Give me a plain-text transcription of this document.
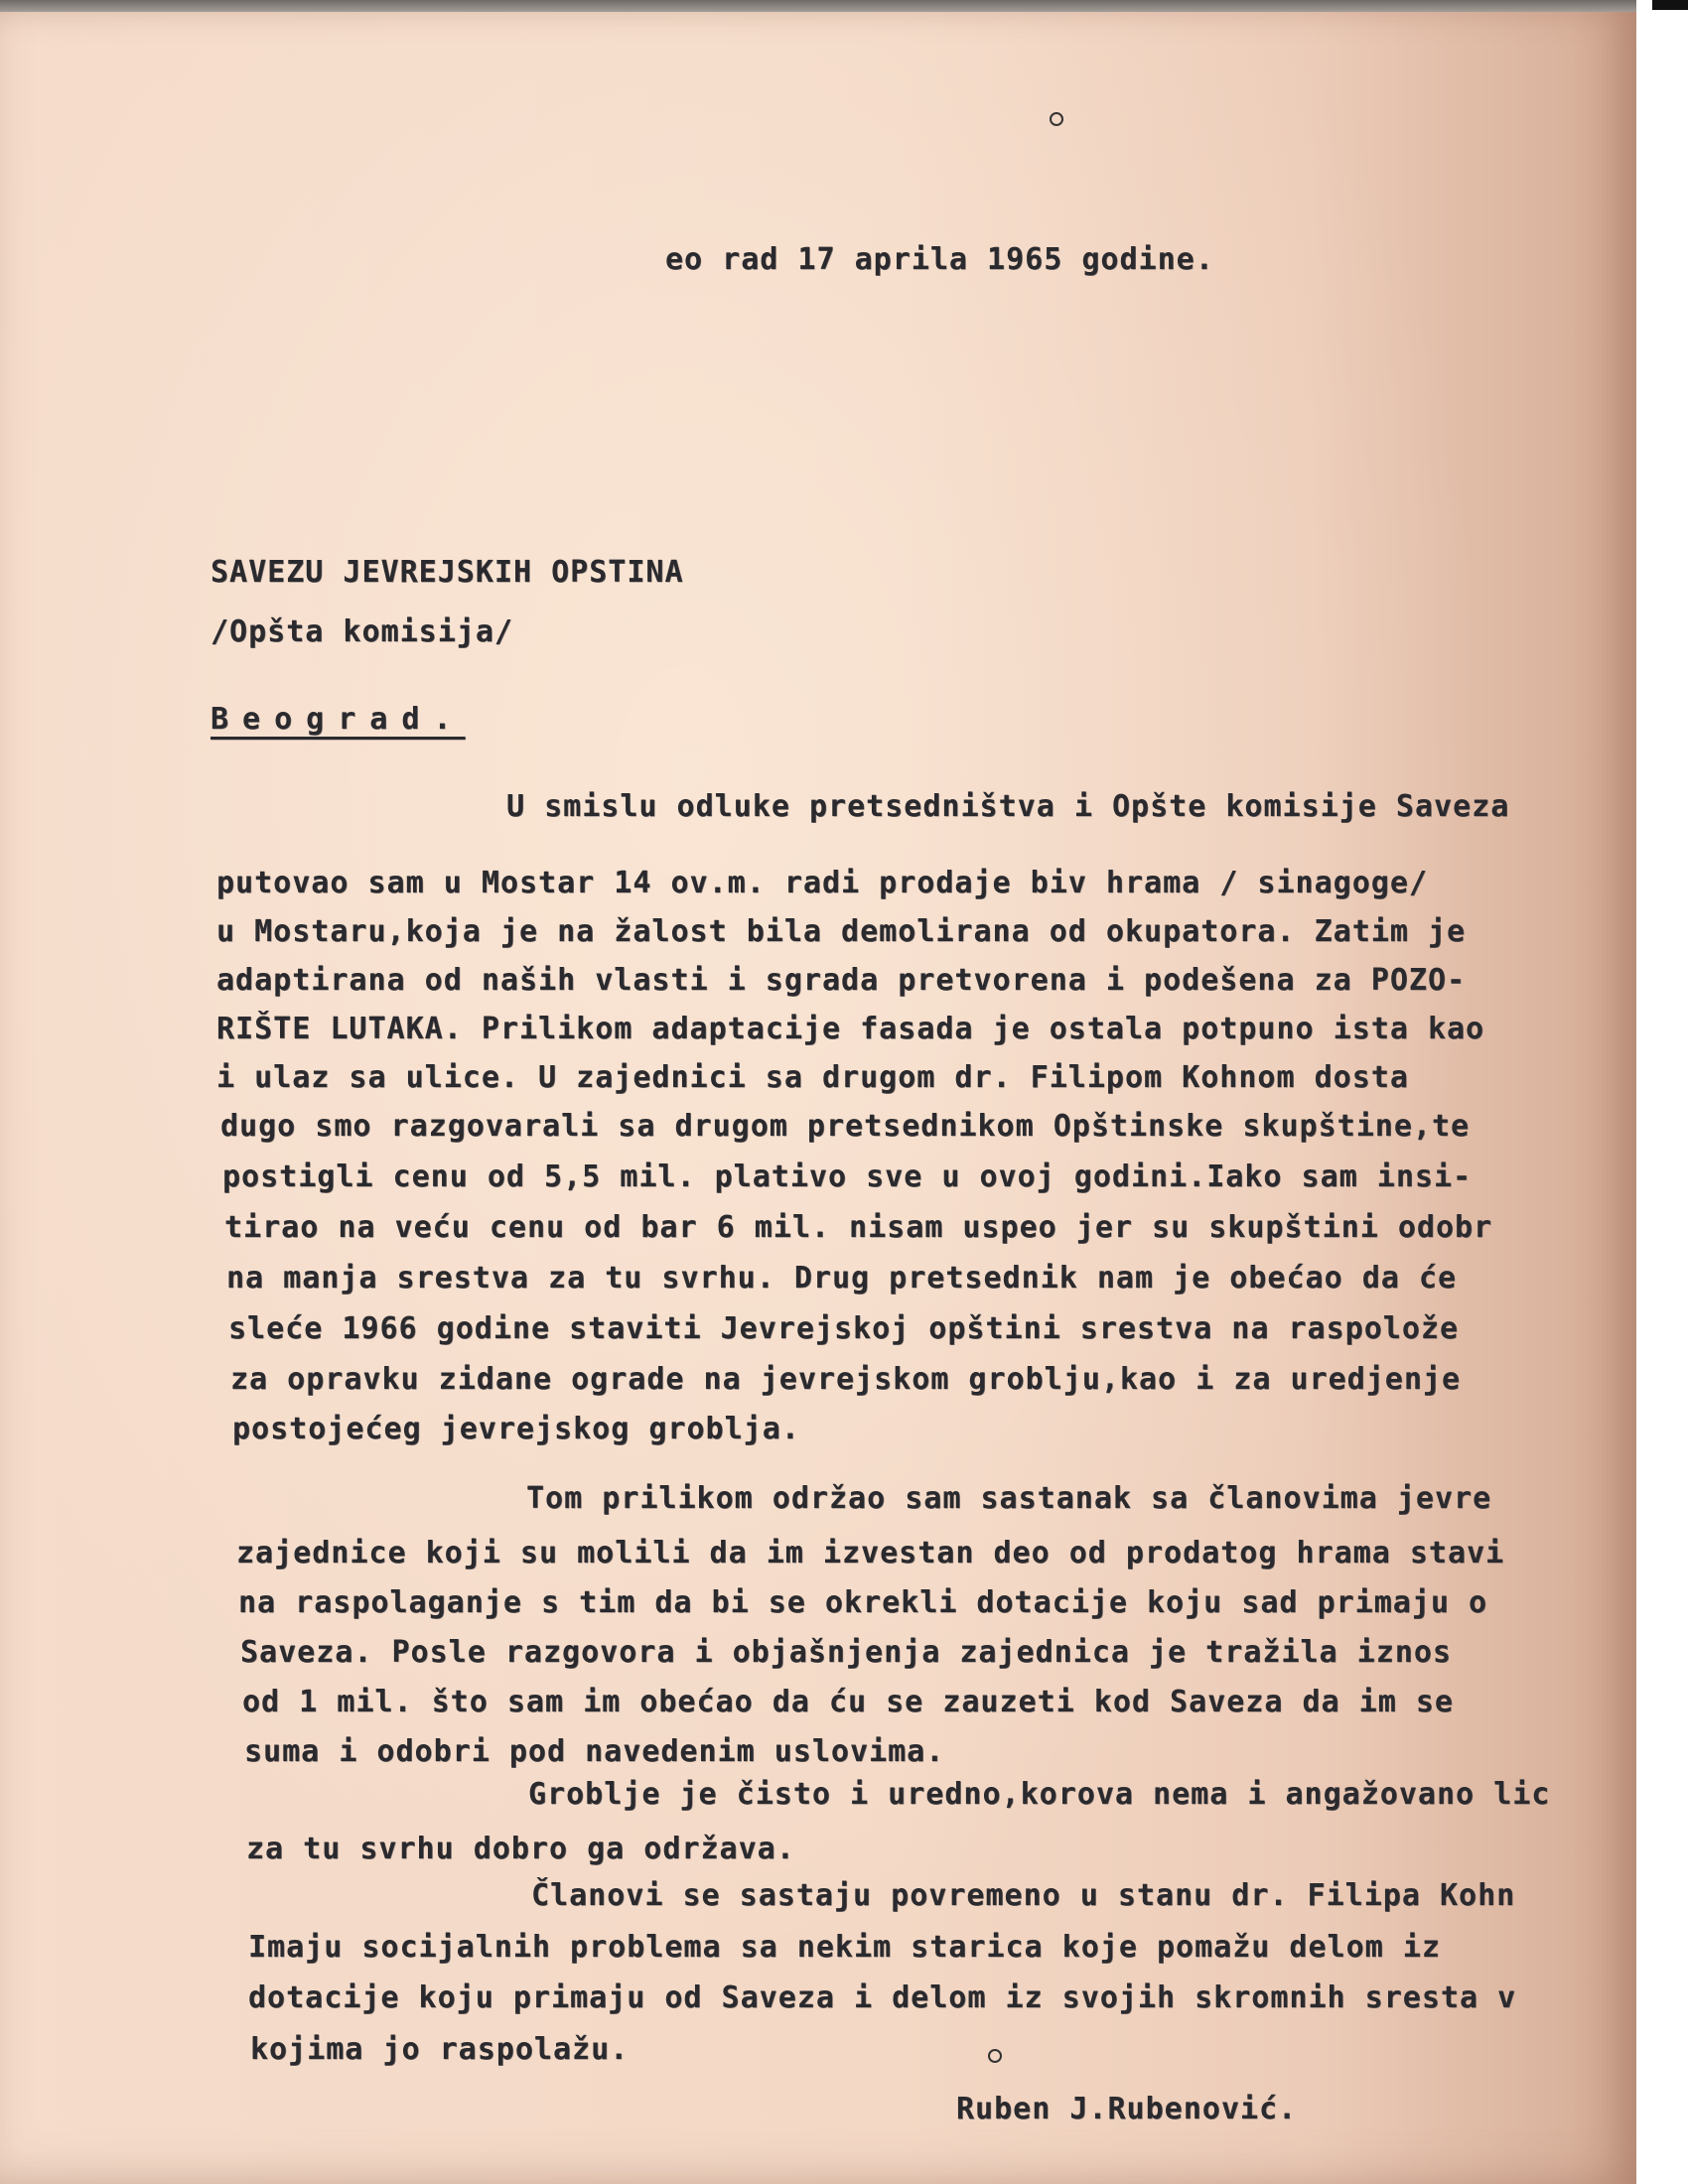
eo rad 17 aprila 1965 godine.
SAVEZU JEVREJSKIH OPSTINA
/Opšta komisija/
Beograd.
U smislu odluke pretsedništva i Opšte komisije Saveza
putovao sam u Mostar 14 ov.m. radi prodaje biv hrama / sinagoge/
u Mostaru,koja je na žalost bila demolirana od okupatora. Zatim je
adaptirana od naših vlasti i sgrada pretvorena i podešena za POZO-
RIŠTE LUTAKA. Prilikom adaptacije fasada je ostala potpuno ista kao
i ulaz sa ulice. U zajednici sa drugom dr. Filipom Kohnom dosta
dugo smo razgovarali sa drugom pretsednikom Opštinske skupštine,te
postigli cenu od 5,5 mil. plativo sve u ovoj godini.Iako sam insi-
tirao na veću cenu od bar 6 mil. nisam uspeo jer su skupštini odobr
na manja srestva za tu svrhu. Drug pretsednik nam je obećao da će
sleće 1966 godine staviti Jevrejskoj opštini srestva na raspolože
za opravku zidane ograde na jevrejskom groblju,kao i za uredjenje
postojećeg jevrejskog groblja.
Tom prilikom održao sam sastanak sa članovima jevre
zajednice koji su molili da im izvestan deo od prodatog hrama stavi
na raspolaganje s tim da bi se okrekli dotacije koju sad primaju o
Saveza. Posle razgovora i objašnjenja zajednica je tražila iznos
od 1 mil. što sam im obećao da ću se zauzeti kod Saveza da im se
suma i odobri pod navedenim uslovima.
Groblje je čisto i uredno,korova nema i angažovano lic
za tu svrhu dobro ga održava.
Članovi se sastaju povremeno u stanu dr. Filipa Kohn
Imaju socijalnih problema sa nekim starica koje pomažu delom iz
dotacije koju primaju od Saveza i delom iz svojih skromnih sresta v
kojima jo raspolažu.
Ruben J.Rubenović.
